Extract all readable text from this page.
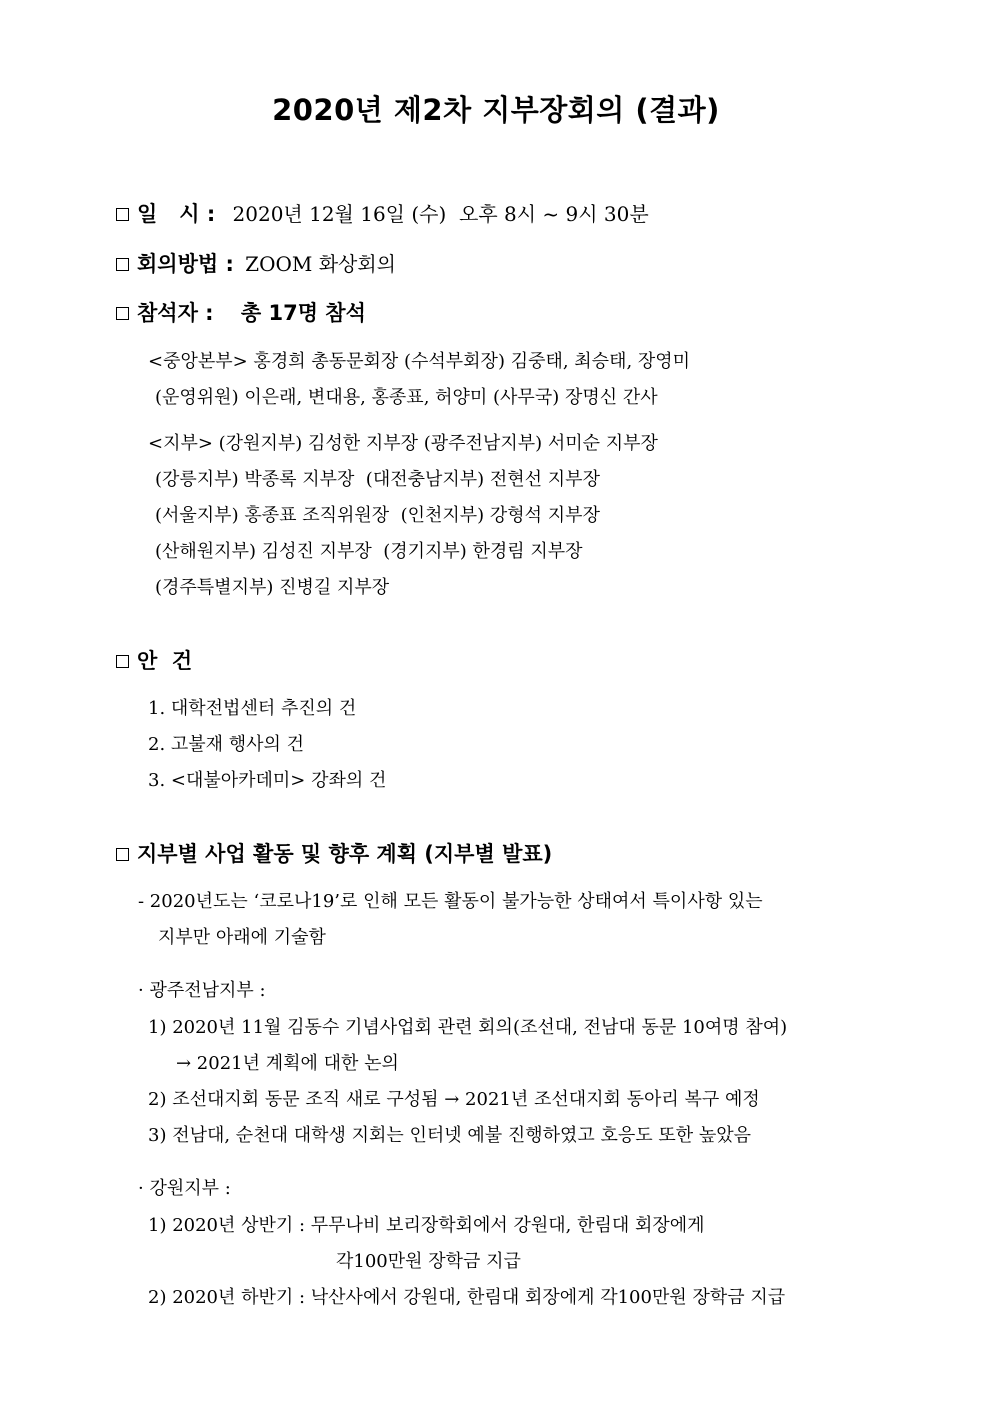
2020년 제2차 지부장회의 (결과)
일   시 : 2020년 12월 16일 (수)  오후 8시 ~ 9시 30분
회의방법 : ZOOM 화상회의
참석자 : 총 17명 참석
<중앙본부> 홍경희 총동문회장 (수석부회장) 김중태, 최승태, 장영미
(운영위원) 이은래, 변대용, 홍종표, 허양미 (사무국) 장명신 간사
<지부> (강원지부) 김성한 지부장 (광주전남지부) 서미순 지부장
(강릉지부) 박종록 지부장  (대전충남지부) 전현선 지부장
(서울지부) 홍종표 조직위원장  (인천지부) 강형석 지부장
(산해원지부) 김성진 지부장  (경기지부) 한경림 지부장
(경주특별지부) 진병길 지부장
안  건
1. 대학전법센터 추진의 건
2. 고불재 행사의 건
3. <대불아카데미> 강좌의 건
지부별 사업 활동 및 향후 계획 (지부별 발표)
- 2020년도는 ‘코로나19’로 인해 모든 활동이 불가능한 상태여서 특이사항 있는
지부만 아래에 기술함
· 광주전남지부 :
1) 2020년 11월 김동수 기념사업회 관련 회의(조선대, 전남대 동문 10여명 참여)
→ 2021년 계획에 대한 논의
2) 조선대지회 동문 조직 새로 구성됨 → 2021년 조선대지회 동아리 복구 예정
3) 전남대, 순천대 대학생 지회는 인터넷 예불 진행하였고 호응도 또한 높았음
· 강원지부 :
1) 2020년 상반기 : 무무나비 보리장학회에서 강원대, 한림대 회장에게
각100만원 장학금 지급
2) 2020년 하반기 : 낙산사에서 강원대, 한림대 회장에게 각100만원 장학금 지급
